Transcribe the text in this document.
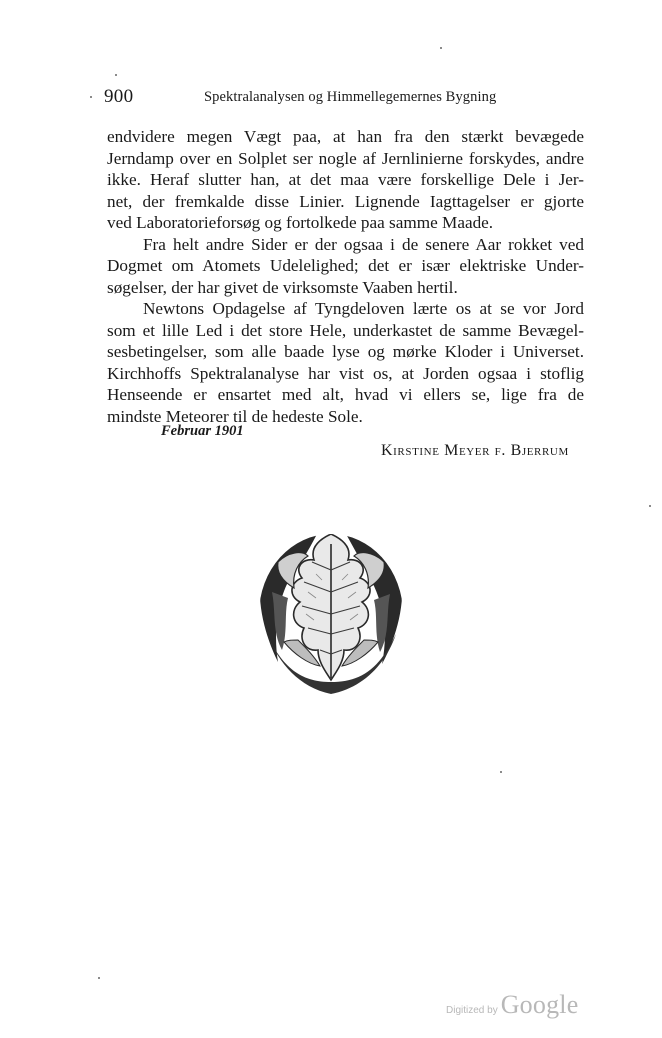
900	Spektralanalysen og Himmellegemernes Bygning

endvidere megen Vægt paa, at han fra den stærkt bevægede
Jerndamp over en Solplet ser nogle af Jernlinierne forskydes, andre
ikke. Heraf slutter han, at det maa være forskellige Dele i Jer-
net, der fremkalde disse Linier. Lignende Iagttagelser er gjorte
ved Laboratorieforsøg og fortolkede paa samme Maade.

Fra helt andre Sider er der ogsaa i de senere Aar rokket ved
Dogmet om Atomets Udelelighed; det er især elektriske Under-
søgelser, der har givet de virksomste Vaaben hertil.

Newtons Opdagelse af Tyngdeloven lærte os at se vor Jord
som et lille Led i det store Hele, underkastet de samme Bevægel-
sesbetingelser, som alle baade lyse og mørke Kloder i Universet.
Kirchhoffs Spektralanalyse har vist os, at Jorden ogsaa i stoflig
Henseende er ensartet med alt, hvad vi ellers se, lige fra de
mindste Meteorer til de hedeste Sole.

Februar 1901
Kirstine Meyer f. Bjerrum
Digitized by Google
